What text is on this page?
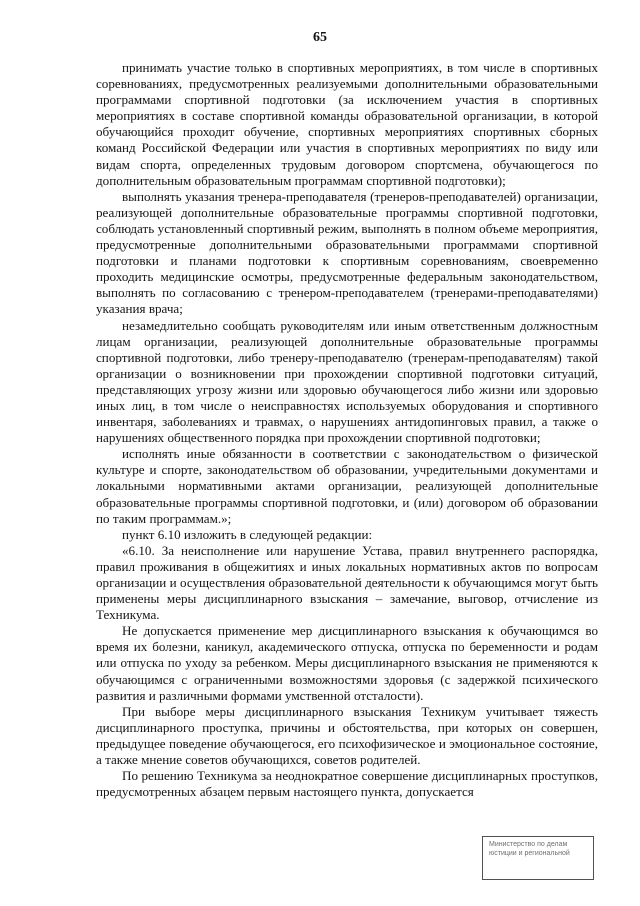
65

принимать участие только в спортивных мероприятиях, в том числе в спортивных соревнованиях, предусмотренных реализуемыми дополнительными образовательными программами спортивной подготовки (за исключением участия в спортивных мероприятиях в составе спортивной команды образовательной организации, в которой обучающийся проходит обучение, спортивных мероприятиях спортивных сборных команд Российской Федерации или участия в спортивных мероприятиях по виду или видам спорта, определенных трудовым договором спортсмена, обучающегося по дополнительным образовательным программам спортивной подготовки);

выполнять указания тренера-преподавателя (тренеров-преподавателей) организации, реализующей дополнительные образовательные программы спортивной подготовки, соблюдать установленный спортивный режим, выполнять в полном объеме мероприятия, предусмотренные дополнительными образовательными программами спортивной подготовки и планами подготовки к спортивным соревнованиям, своевременно проходить медицинские осмотры, предусмотренные федеральным законодательством, выполнять по согласованию с тренером-преподавателем (тренерами-преподавателями) указания врача;

незамедлительно сообщать руководителям или иным ответственным должностным лицам организации, реализующей дополнительные образовательные программы спортивной подготовки, либо тренеру-преподавателю (тренерам-преподавателям) такой организации о возникновении при прохождении спортивной подготовки ситуаций, представляющих угрозу жизни или здоровью обучающегося либо жизни или здоровью иных лиц, в том числе о неисправностях используемых оборудования и спортивного инвентаря, заболеваниях и травмах, о нарушениях антидопинговых правил, а также о нарушениях общественного порядка при прохождении спортивной подготовки;

исполнять иные обязанности в соответствии с законодательством о физической культуре и спорте, законодательством об образовании, учредительными документами и локальными нормативными актами организации, реализующей дополнительные образовательные программы спортивной подготовки, и (или) договором об образовании по таким программам.»;

пункт 6.10 изложить в следующей редакции:

«6.10. За неисполнение или нарушение Устава, правил внутреннего распорядка, правил проживания в общежитиях и иных локальных нормативных актов по вопросам организации и осуществления образовательной деятельности к обучающимся могут быть применены меры дисциплинарного взыскания – замечание, выговор, отчисление из Техникума.

Не допускается применение мер дисциплинарного взыскания к обучающимся во время их болезни, каникул, академического отпуска, отпуска по беременности и родам или отпуска по уходу за ребенком. Меры дисциплинарного взыскания не применяются к обучающимся с ограниченными возможностями здоровья (с задержкой психического развития и различными формами умственной отсталости).

При выборе меры дисциплинарного взыскания Техникум учитывает тяжесть дисциплинарного проступка, причины и обстоятельства, при которых он совершен, предыдущее поведение обучающегося, его психофизическое и эмоциональное состояние, а также мнение советов обучающихся, советов родителей.

По решению Техникума за неоднократное совершение дисциплинарных проступков, предусмотренных абзацем первым настоящего пункта, допускается

Министерство по делам
юстиции и региональной
